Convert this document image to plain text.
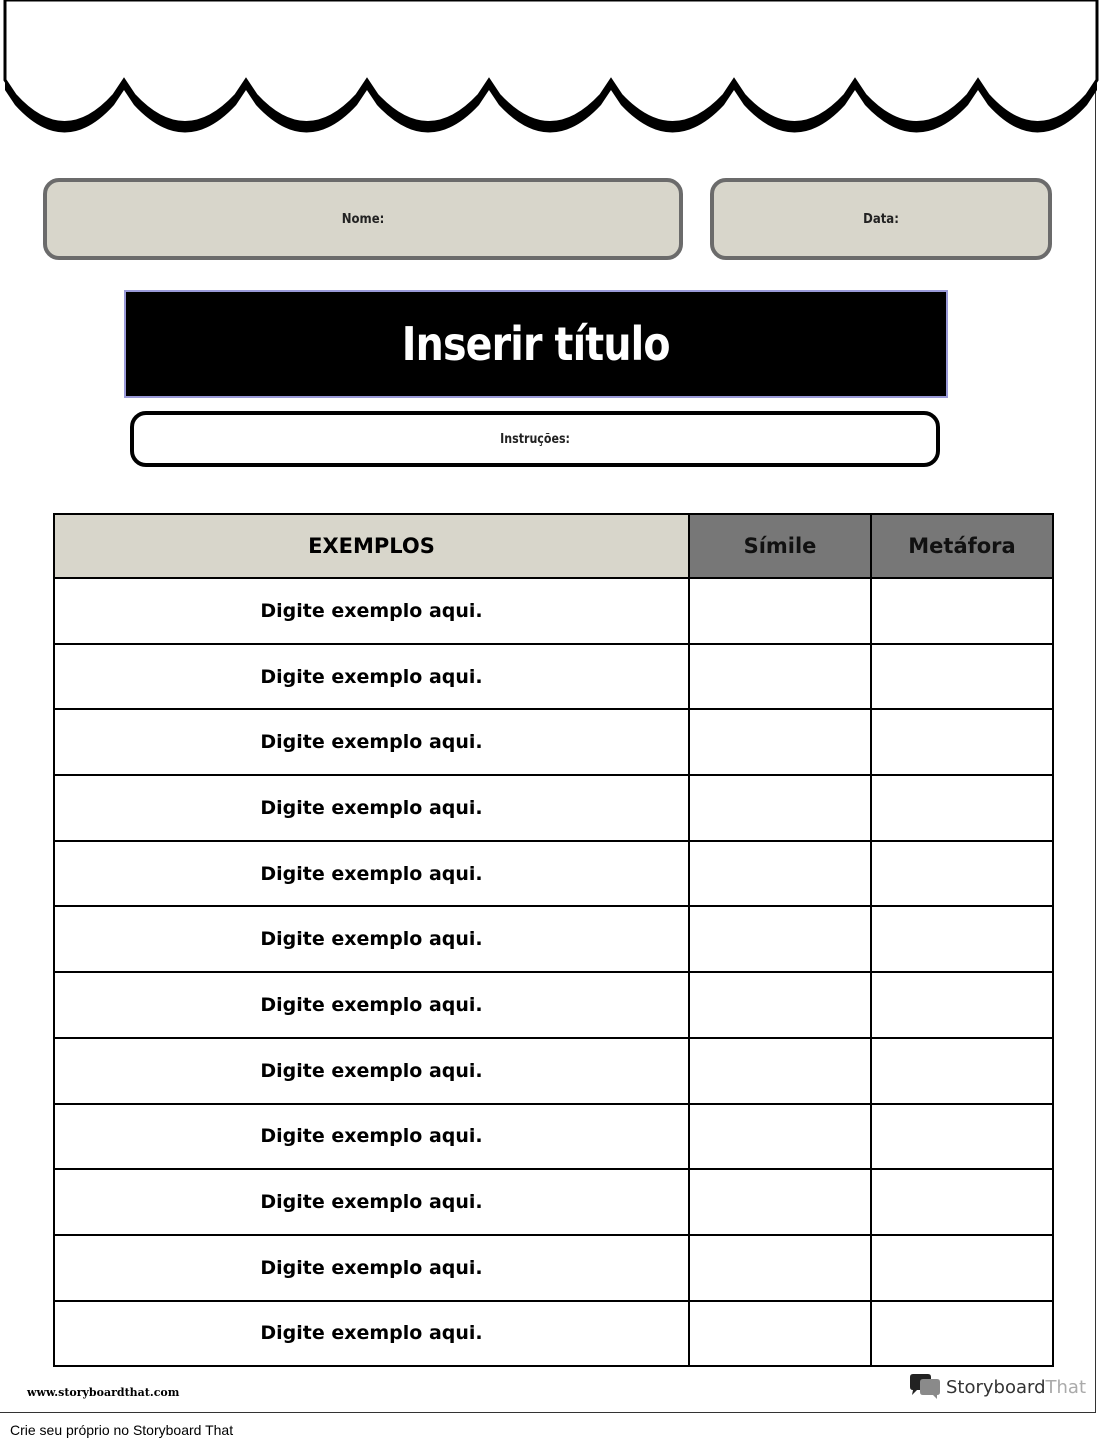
Nome:	Data:
Inserir título
Instruções:
EXEMPLOS	Símile	Metáfora
Digite exemplo aqui.		
Digite exemplo aqui.		
Digite exemplo aqui.		
Digite exemplo aqui.		
Digite exemplo aqui.		
Digite exemplo aqui.		
Digite exemplo aqui.		
Digite exemplo aqui.		
Digite exemplo aqui.		
Digite exemplo aqui.		
Digite exemplo aqui.		
Digite exemplo aqui.		
www.storyboardthat.com	StoryboardThat
Crie seu próprio no Storyboard That
